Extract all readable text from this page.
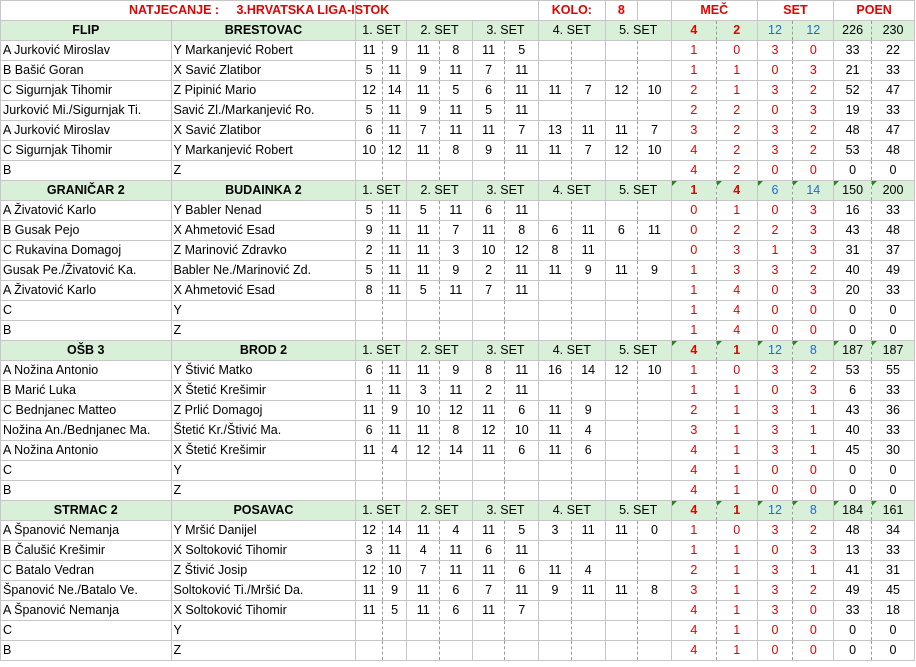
NATJECANJE : 3.HRVATSKA LIGA-ISTOK								KOLO:		8		MEČ		SET		POEN	
FLIP	BRESTOVAC	1. SET		2. SET		3. SET		4. SET		5. SET		4	2	12	12	226	230
A Jurković Miroslav	Y Markanjević Robert	11	9	11	8	11	5					1	0	3	0	33	22
B Bašić Goran	X Savić Zlatibor	5	11	9	11	7	11					1	1	0	3	21	33
C Sigurnjak Tihomir	Z Pipinić Mario	12	14	11	5	6	11	11	7	12	10	2	1	3	2	52	47
Jurković Mi./Sigurnjak Ti.	Savić Zl./Markanjević Ro.	5	11	9	11	5	11					2	2	0	3	19	33
A Jurković Miroslav	X Savić Zlatibor	6	11	7	11	11	7	13	11	11	7	3	2	3	2	48	47
C Sigurnjak Tihomir	Y Markanjević Robert	10	12	11	8	9	11	11	7	12	10	4	2	3	2	53	48
B	Z											4	2	0	0	0	0
GRANIČAR 2	BUDAINKA 2	1. SET		2. SET		3. SET		4. SET		5. SET		1	4	6	14	150	200
A Živatović Karlo	Y Babler Nenad	5	11	5	11	6	11					0	1	0	3	16	33
B Gusak Pejo	X Ahmetović Esad	9	11	11	7	11	8	6	11	6	11	0	2	2	3	43	48
C Rukavina Domagoj	Z Marinović Zdravko	2	11	11	3	10	12	8	11			0	3	1	3	31	37
Gusak Pe./Živatović Ka.	Babler Ne./Marinović Zd.	5	11	11	9	2	11	11	9	11	9	1	3	3	2	40	49
A Živatović Karlo	X Ahmetović Esad	8	11	5	11	7	11					1	4	0	3	20	33
C	Y											1	4	0	0	0	0
B	Z											1	4	0	0	0	0
OŠB 3	BROD 2	1. SET		2. SET		3. SET		4. SET		5. SET		4	1	12	8	187	187
A Nožina Antonio	Y Štivić Matko	6	11	11	9	8	11	16	14	12	10	1	0	3	2	53	55
B Marić Luka	X Štetić Krešimir	1	11	3	11	2	11					1	1	0	3	6	33
C Bednjanec Matteo	Z Prlić Domagoj	11	9	10	12	11	6	11	9			2	1	3	1	43	36
Nožina An./Bednjanec Ma.	Štetić Kr./Štivić Ma.	6	11	11	8	12	10	11	4			3	1	3	1	40	33
A Nožina Antonio	X Štetić Krešimir	11	4	12	14	11	6	11	6			4	1	3	1	45	30
C	Y											4	1	0	0	0	0
B	Z											4	1	0	0	0	0
STRMAC 2	POSAVAC	1. SET		2. SET		3. SET		4. SET		5. SET		4	1	12	8	184	161
A Španović Nemanja	Y Mršić Danijel	12	14	11	4	11	5	3	11	11	0	1	0	3	2	48	34
B Čalušić Krešimir	X Soltoković Tihomir	3	11	4	11	6	11					1	1	0	3	13	33
C Batalo Vedran	Z Štivić Josip	12	10	7	11	11	6	11	4			2	1	3	1	41	31
Španović Ne./Batalo Ve.	Soltoković Ti./Mršić Da.	11	9	11	6	7	11	9	11	11	8	3	1	3	2	49	45
A Španović Nemanja	X Soltoković Tihomir	11	5	11	6	11	7					4	1	3	0	33	18
C	Y											4	1	0	0	0	0
B	Z											4	1	0	0	0	0
